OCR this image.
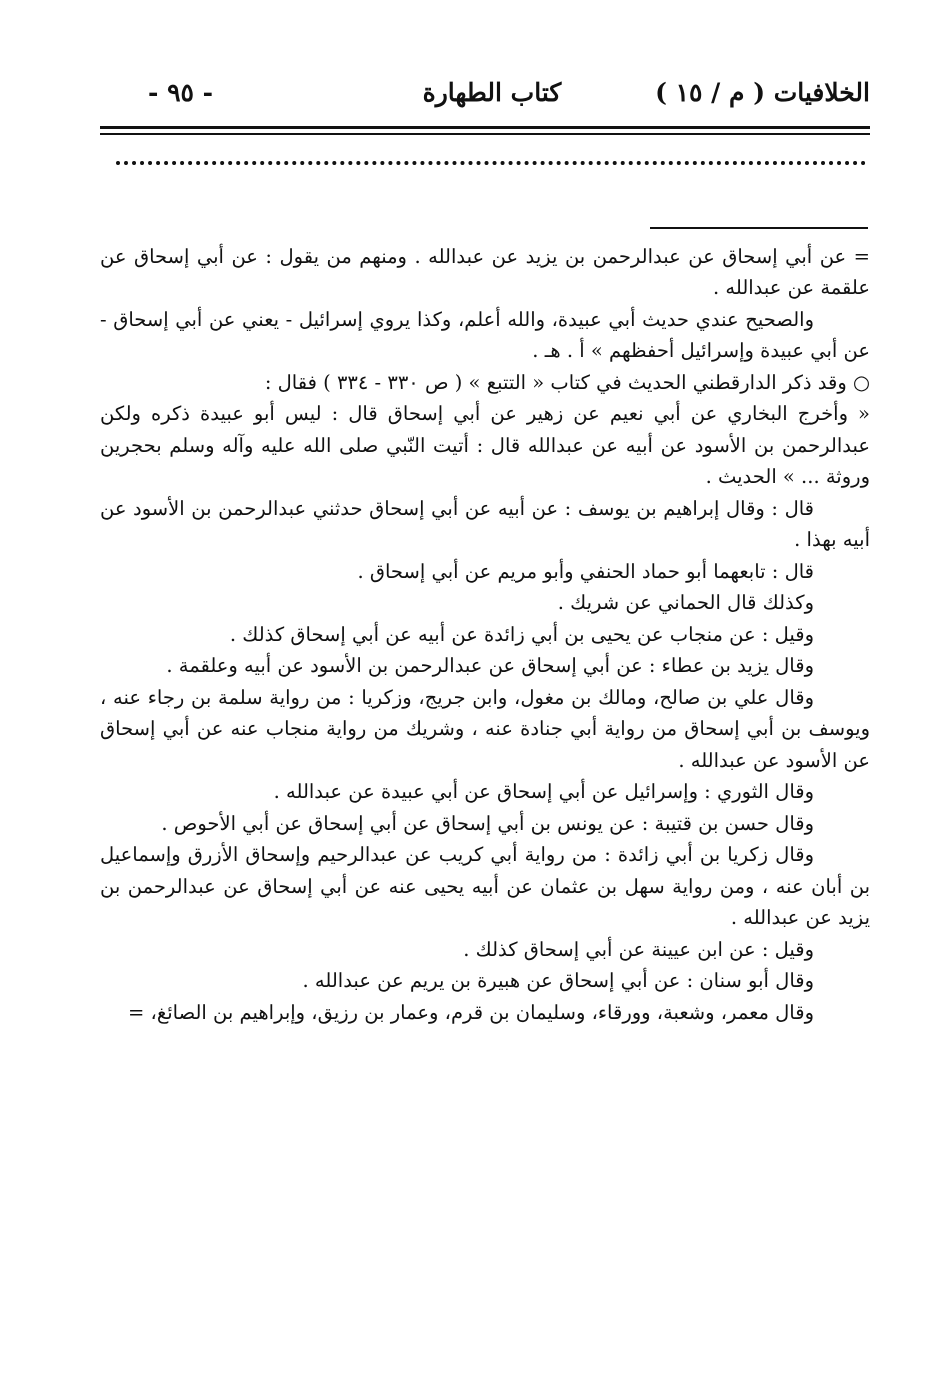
الخلافيات ( م / ١٥ )
كتاب الطهارة
- ٩٥ -

= عن أبي إسحاق عن عبدالرحمن بن يزيد عن عبدالله . ومنهم من يقول : عن أبي إسحاق عن علقمة عن عبدالله .

والصحيح عندي حديث أبي عبيدة، والله أعلم، وكذا يروي إسرائيل - يعني عن أبي إسحاق - عن أبي عبيدة وإسرائيل أحفظهم » أ . هـ .

○ وقد ذكر الدارقطني الحديث في كتاب « التتبع » ( ص ٣٣٠ - ٣٣٤ ) فقال :

« وأخرج البخاري عن أبي نعيم عن زهير عن أبي إسحاق قال : ليس أبو عبيدة ذكره ولكن عبدالرحمن بن الأسود عن أبيه عن عبدالله قال : أتيت النّبي صلى الله عليه وآله وسلم بحجرين وروثة ... » الحديث .

قال : وقال إبراهيم بن يوسف : عن أبيه عن أبي إسحاق حدثني عبدالرحمن بن الأسود عن أبيه بهذا .

قال : تابعهما أبو حماد الحنفي وأبو مريم عن أبي إسحاق .

وكذلك قال الحماني عن شريك .

وقيل : عن منجاب عن يحيى بن أبي زائدة عن أبيه عن أبي إسحاق كذلك .

وقال يزيد بن عطاء : عن أبي إسحاق عن عبدالرحمن بن الأسود عن أبيه وعلقمة .

وقال علي بن صالح، ومالك بن مغول، وابن جريج، وزكريا : من رواية سلمة بن رجاء عنه ، ويوسف بن أبي إسحاق من رواية أبي جنادة عنه ، وشريك من رواية منجاب عنه عن أبي إسحاق عن الأسود عن عبدالله .

وقال الثوري : وإسرائيل عن أبي إسحاق عن أبي عبيدة عن عبدالله .

وقال حسن بن قتيبة : عن يونس بن أبي إسحاق عن أبي إسحاق عن أبي الأحوص .

وقال زكريا بن أبي زائدة : من رواية أبي كريب عن عبدالرحيم وإسحاق الأزرق وإسماعيل بن أبان عنه ، ومن رواية سهل بن عثمان عن أبيه يحيى عنه عن أبي إسحاق عن عبدالرحمن بن يزيد عن عبدالله .

وقيل : عن ابن عيينة عن أبي إسحاق كذلك .

وقال أبو سنان : عن أبي إسحاق عن هبيرة بن يريم عن عبدالله .

وقال معمر، وشعبة، وورقاء، وسليمان بن قرم، وعمار بن رزيق، وإبراهيم بن الصائغ، =
